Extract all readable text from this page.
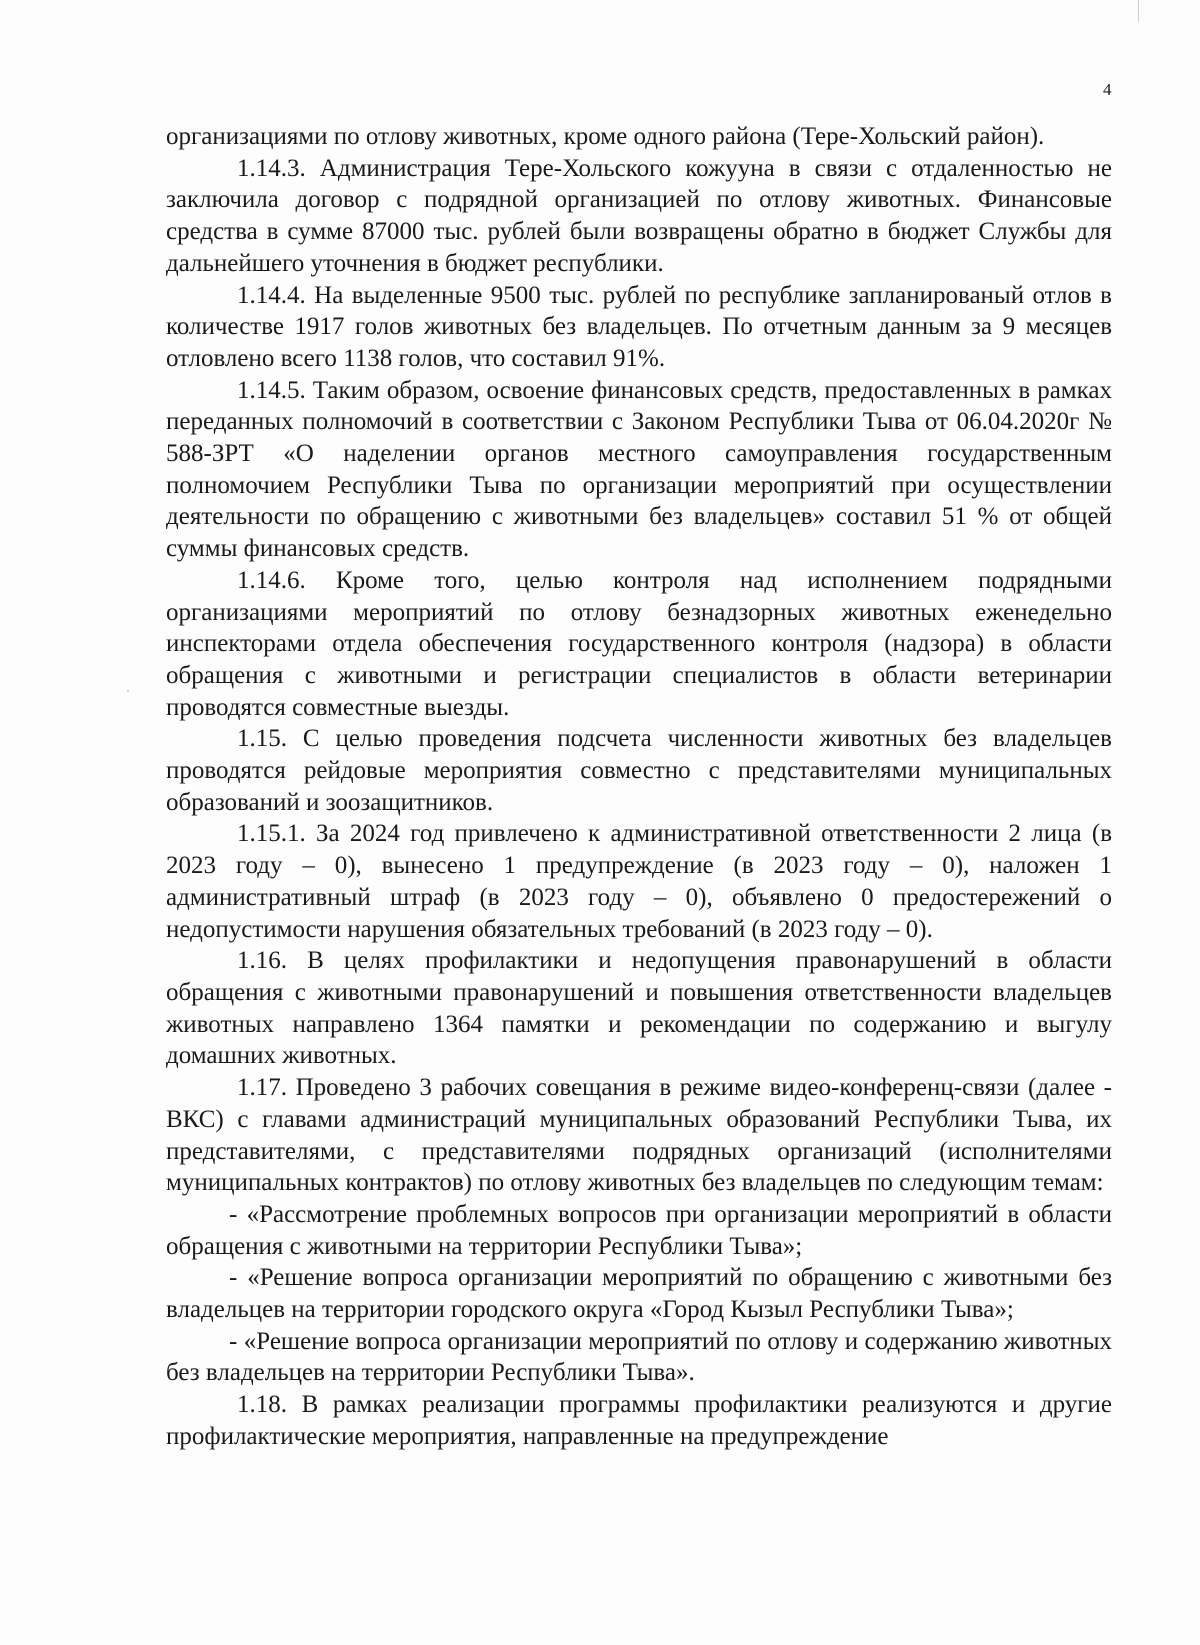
4

организациями по отлову животных, кроме одного района (Тере-Хольский район).

1.14.3. Администрация Тере-Хольского кожууна в связи с отдаленностью не заключила договор с подрядной организацией по отлову животных. Финансовые средства в сумме 87000 тыс. рублей были возвращены обратно в бюджет Службы для дальнейшего уточнения в бюджет республики.

1.14.4. На выделенные 9500 тыс. рублей по республике запланированый отлов в количестве 1917 голов животных без владельцев. По отчетным данным за 9 месяцев отловлено всего 1138 голов, что составил 91%.

1.14.5. Таким образом, освоение финансовых средств, предоставленных в рамках переданных полномочий в соответствии с Законом Республики Тыва от 06.04.2020г № 588-ЗРТ «О наделении органов местного самоуправления государственным полномочием Республики Тыва по организации мероприятий при осуществлении деятельности по обращению с животными без владельцев» составил 51 % от общей суммы финансовых средств.

1.14.6. Кроме того, целью контроля над исполнением подрядными организациями мероприятий по отлову безнадзорных животных еженедельно инспекторами отдела обеспечения государственного контроля (надзора) в области обращения с животными и регистрации специалистов в области ветеринарии проводятся совместные выезды.

1.15. С целью проведения подсчета численности животных без владельцев проводятся рейдовые мероприятия совместно с представителями муниципальных образований и зоозащитников.

1.15.1. За 2024 год привлечено к административной ответственности 2 лица (в 2023 году – 0), вынесено 1 предупреждение (в 2023 году – 0), наложен 1 административный штраф (в 2023 году – 0), объявлено 0 предостережений о недопустимости нарушения обязательных требований (в 2023 году – 0).

1.16. В целях профилактики и недопущения правонарушений в области обращения с животными правонарушений и повышения ответственности владельцев животных направлено 1364 памятки и рекомендации по содержанию и выгулу домашних животных.

1.17. Проведено 3 рабочих совещания в режиме видео-конференц-связи (далее - ВКС) с главами администраций муниципальных образований Республики Тыва, их представителями, с представителями подрядных организаций (исполнителями муниципальных контрактов) по отлову животных без владельцев по следующим темам:

- «Рассмотрение проблемных вопросов при организации мероприятий в области обращения с животными на территории Республики Тыва»;

- «Решение вопроса организации мероприятий по обращению с животными без владельцев на территории городского округа «Город Кызыл Республики Тыва»;

- «Решение вопроса организации мероприятий по отлову и содержанию животных без владельцев на территории Республики Тыва».

1.18. В рамках реализации программы профилактики реализуются и другие профилактические мероприятия, направленные на предупреждение
